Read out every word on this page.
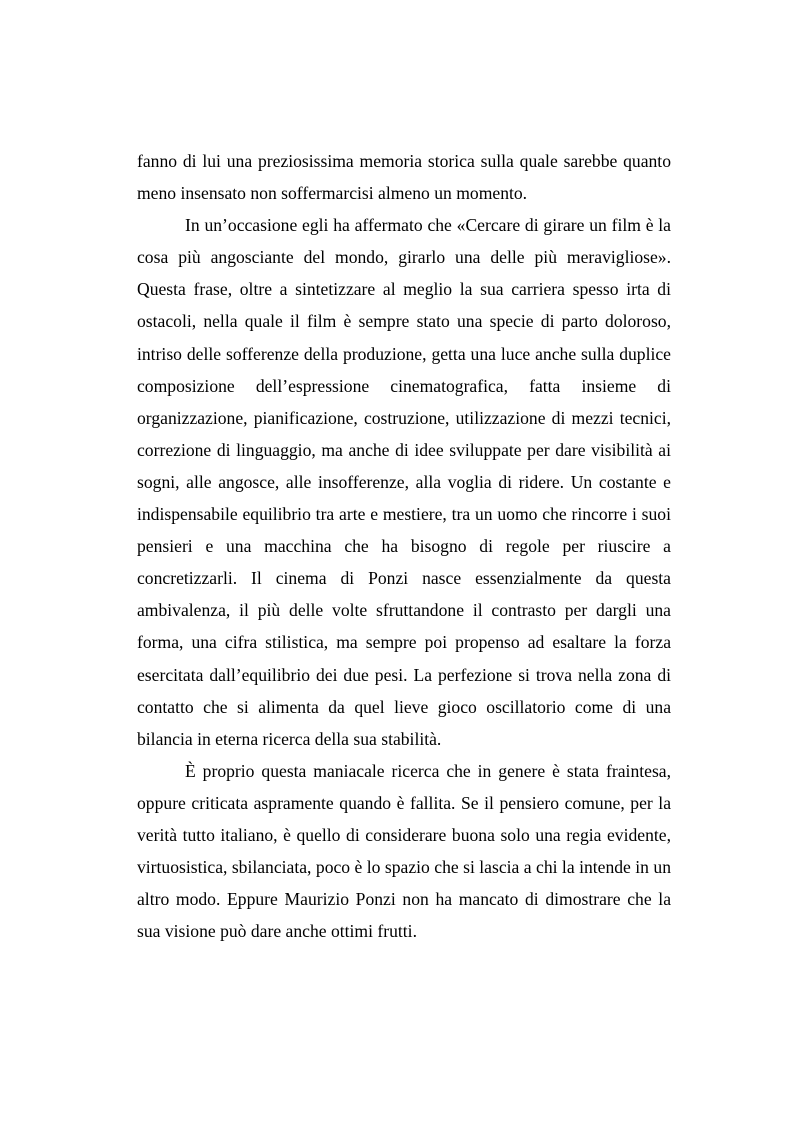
fanno di lui una preziosissima memoria storica sulla quale sarebbe quanto meno insensato non soffermarcisi almeno un momento.

In un’occasione egli ha affermato che «Cercare di girare un film è la cosa più angosciante del mondo, girarlo una delle più meravigliose». Questa frase, oltre a sintetizzare al meglio la sua carriera spesso irta di ostacoli, nella quale il film è sempre stato una specie di parto doloroso, intriso delle sofferenze della produzione, getta una luce anche sulla duplice composizione dell’espressione cinematografica, fatta insieme di organizzazione, pianificazione, costruzione, utilizzazione di mezzi tecnici, correzione di linguaggio, ma anche di idee sviluppate per dare visibilità ai sogni, alle angosce, alle insofferenze, alla voglia di ridere. Un costante e indispensabile equilibrio tra arte e mestiere, tra un uomo che rincorre i suoi pensieri e una macchina che ha bisogno di regole per riuscire a concretizzarli. Il cinema di Ponzi nasce essenzialmente da questa ambivalenza, il più delle volte sfruttandone il contrasto per dargli una forma, una cifra stilistica, ma sempre poi propenso ad esaltare la forza esercitata dall’equilibrio dei due pesi. La perfezione si trova nella zona di contatto che si alimenta da quel lieve gioco oscillatorio come di una bilancia in eterna ricerca della sua stabilità.

È proprio questa maniacale ricerca che in genere è stata fraintesa, oppure criticata aspramente quando è fallita. Se il pensiero comune, per la verità tutto italiano, è quello di considerare buona solo una regia evidente, virtuosistica, sbilanciata, poco è lo spazio che si lascia a chi la intende in un altro modo. Eppure Maurizio Ponzi non ha mancato di dimostrare che la sua visione può dare anche ottimi frutti.
